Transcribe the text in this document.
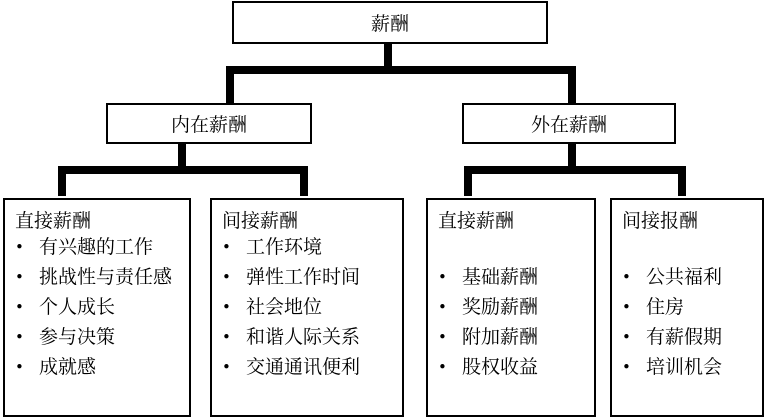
薪酬
内在薪酬	外在薪酬
直接薪酬
• 有兴趣的工作
• 挑战性与责任感
• 个人成长
• 参与决策
• 成就感
间接薪酬
• 工作环境
• 弹性工作时间
• 社会地位
• 和谐人际关系
• 交通通讯便利
直接薪酬
• 基础薪酬
• 奖励薪酬
• 附加薪酬
• 股权收益
间接报酬
• 公共福利
• 住房
• 有薪假期
• 培训机会
